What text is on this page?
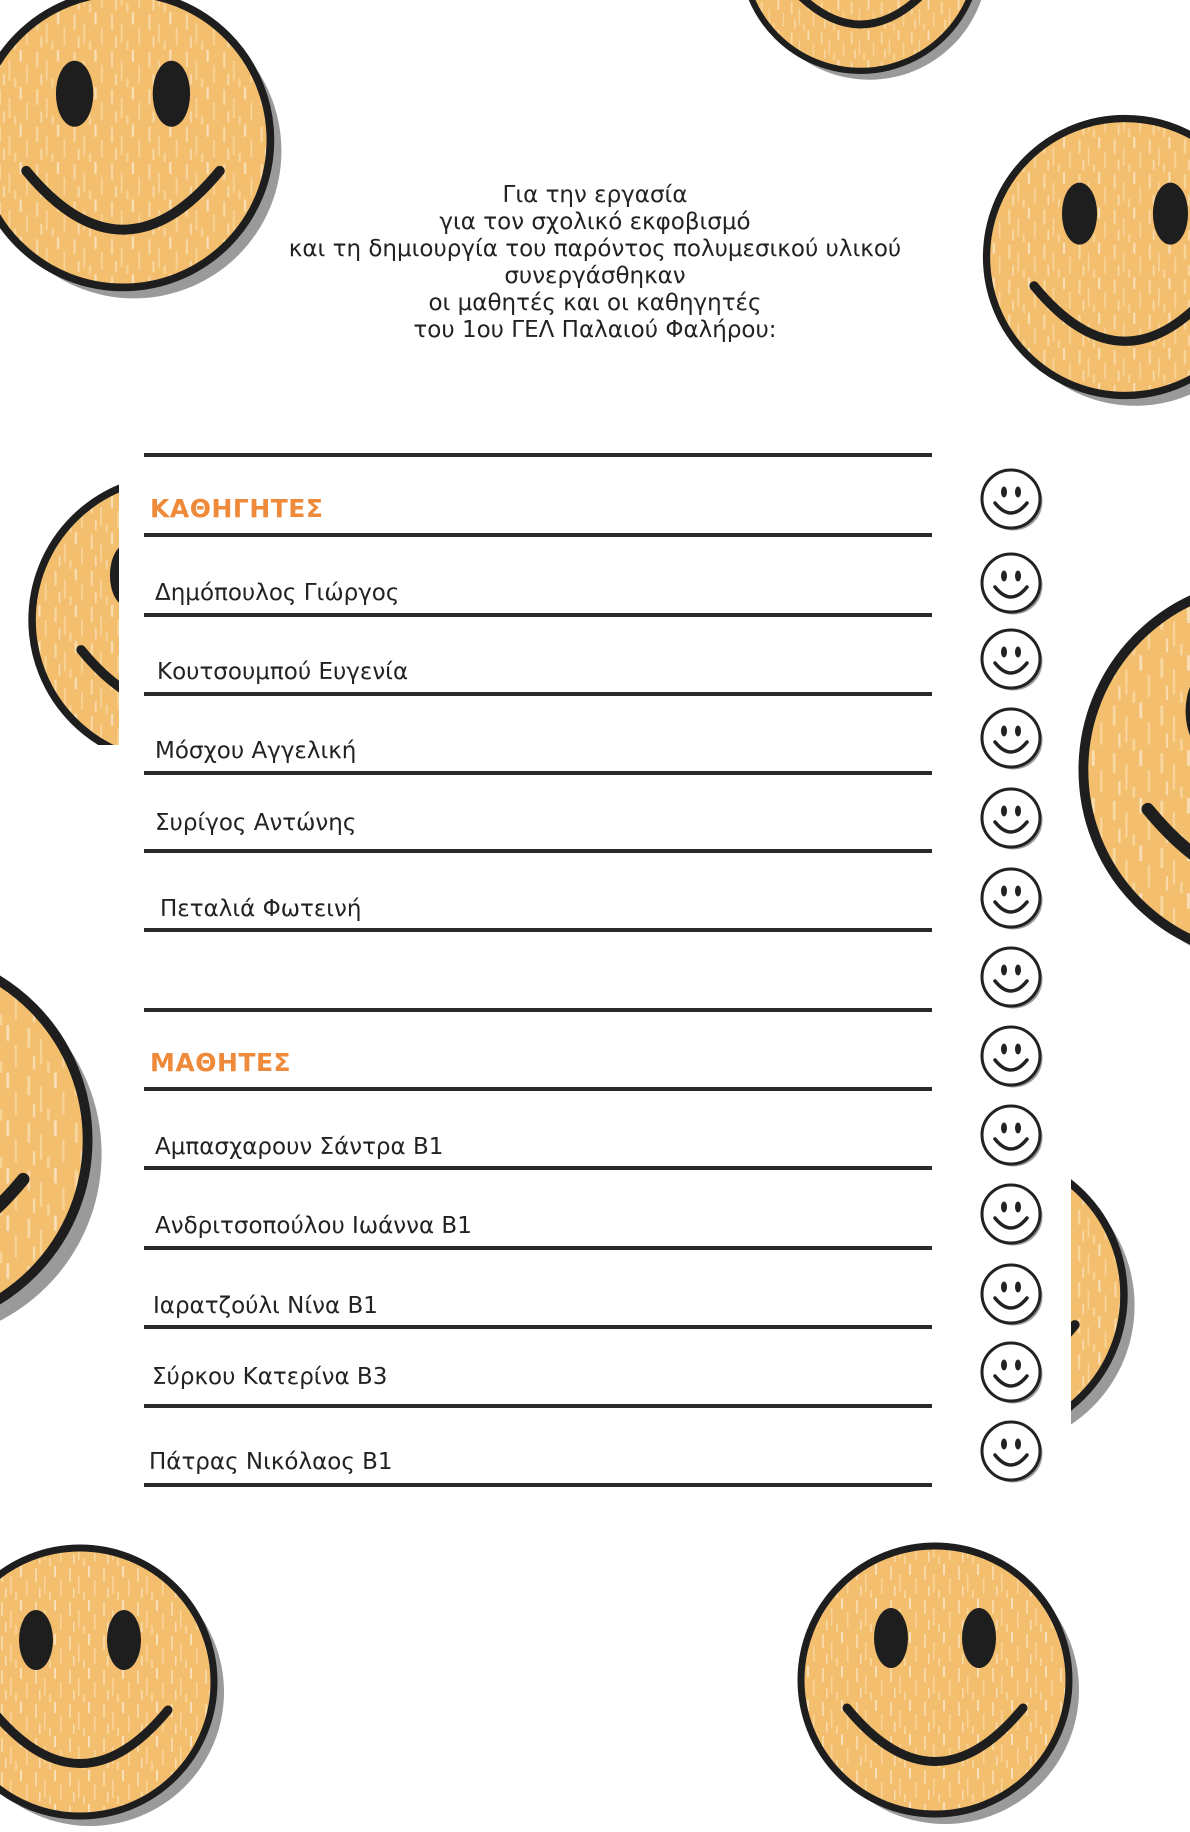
Για την εργασία
για τον σχολικό εκφοβισμό
και τη δημιουργία του παρόντος πολυμεσικού υλικού
συνεργάσθηκαν
οι μαθητές και οι καθηγητές
του 1ου ΓΕΛ Παλαιού Φαλήρου:
ΚΑΘΗΓΗΤΕΣ
Δημόπουλος Γιώργος
Κουτσουμπού Ευγενία
Μόσχου Αγγελική
Συρίγος Αντώνης
Πεταλιά Φωτεινή
ΜΑΘΗΤΕΣ
Αμπασχαρουν Σάντρα Β1
Ανδριτσοπούλου Ιωάννα Β1
Ιαρατζούλι Νίνα Β1
Σύρκου Κατερίνα Β3
Πάτρας Νικόλαος Β1
